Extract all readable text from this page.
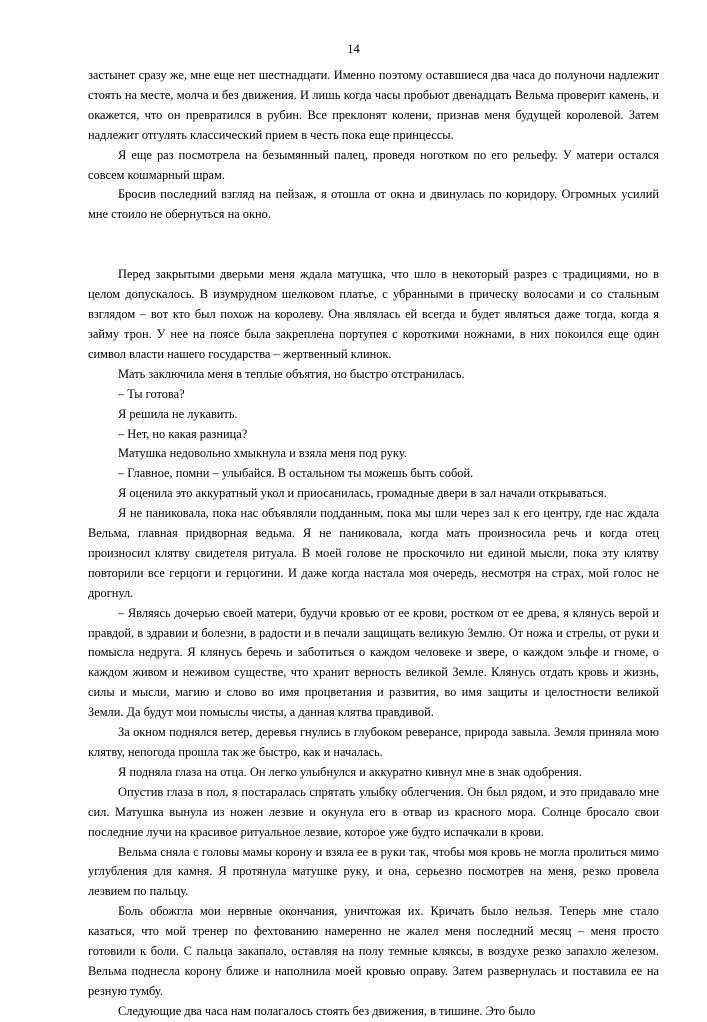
14

застынет сразу же, мне еще нет шестнадцати. Именно поэтому оставшиеся два часа до полуночи надлежит стоять на месте, молча и без движения. И лишь когда часы пробьют двенадцать Вельма проверит камень, и окажется, что он превратился в рубин. Все преклонят колени, признав меня будущей королевой. Затем надлежит отгулять классический прием в честь пока еще принцессы.

Я еще раз посмотрела на безымянный палец, проведя ноготком по его рельефу. У матери остался совсем кошмарный шрам.

Бросив последний взгляд на пейзаж, я отошла от окна и двинулась по коридору. Огромных усилий мне стоило не обернуться на окно.

Перед закрытыми дверьми меня ждала матушка, что шло в некоторый разрез с традициями, но в целом допускалось. В изумрудном шелковом платье, с убранными в прическу волосами и со стальным взглядом – вот кто был похож на королеву. Она являлась ей всегда и будет являться даже тогда, когда я займу трон. У нее на поясе была закреплена портупея с короткими ножнами, в них покоился еще один символ власти нашего государства – жертвенный клинок.

Мать заключила меня в теплые объятия, но быстро отстранилась.

– Ты готова?

Я решила не лукавить.

– Нет, но какая разница?

Матушка недовольно хмыкнула и взяла меня под руку.

– Главное, помни – улыбайся. В остальном ты можешь быть собой.

Я оценила это аккуратный укол и приосанилась, громадные двери в зал начали открываться.

Я не паниковала, пока нас объявляли подданным, пока мы шли через зал к его центру, где нас ждала Вельма, главная придворная ведьма. Я не паниковала, когда мать произносила речь и когда отец произносил клятву свидетеля ритуала. В моей голове не проскочило ни единой мысли, пока эту клятву повторили все герцоги и герцогини. И даже когда настала моя очередь, несмотря на страх, мой голос не дрогнул.

– Являясь дочерью своей матери, будучи кровью от ее крови, ростком от ее древа, я клянусь верой и правдой, в здравии и болезни, в радости и в печали защищать великую Землю. От ножа и стрелы, от руки и помысла недруга. Я клянусь беречь и заботиться о каждом человеке и звере, о каждом эльфе и гноме, о каждом живом и неживом существе, что хранит верность великой Земле. Клянусь отдать кровь и жизнь, силы и мысли, магию и слово во имя процветания и развития, во имя защиты и целостности великой Земли. Да будут мои помыслы чисты, а данная клятва правдивой.

За окном поднялся ветер, деревья гнулись в глубоком реверансе, природа завыла. Земля приняла мою клятву, непогода прошла так же быстро, как и началась.

Я подняла глаза на отца. Он легко улыбнулся и аккуратно кивнул мне в знак одобрения.

Опустив глаза в пол, я постаралась спрятать улыбку облегчения. Он был рядом, и это придавало мне сил. Матушка вынула из ножен лезвие и окунула его в отвар из красного мора. Солнце бросало свои последние лучи на красивое ритуальное лезвие, которое уже будто испачкали в крови.

Вельма сняла с головы мамы корону и взяла ее в руки так, чтобы моя кровь не могла пролиться мимо углубления для камня. Я протянула матушке руку, и она, серьезно посмотрев на меня, резко провела лезвием по пальцу.

Боль обожгла мои нервные окончания, уничтожая их. Кричать было нельзя. Теперь мне стало казаться, что мой тренер по фехтованию намеренно не жалел меня последний месяц – меня просто готовили к боли. С пальца закапало, оставляя на полу темные кляксы, в воздухе резко запахло железом. Вельма поднесла корону ближе и наполнила моей кровью оправу. Затем развернулась и поставила ее на резную тумбу.

Следующие два часа нам полагалось стоять без движения, в тишине. Это было
